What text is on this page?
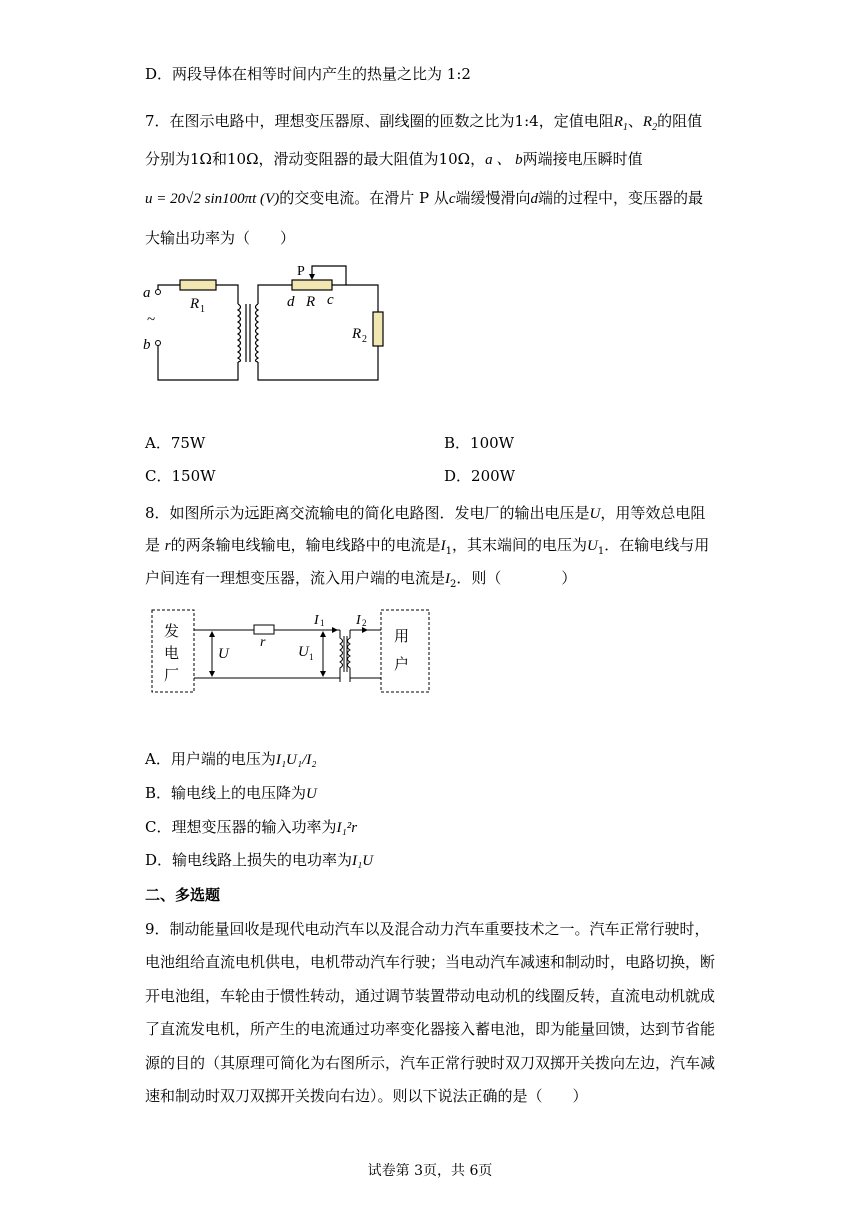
D．两段导体在相等时间内产生的热量之比为 1:2
7．在图示电路中，理想变压器原、副线圈的匝数之比为1:4，定值电阻$R_1$、$R_2$的阻值
分别为1Ω和10Ω，滑动变阻器的最大阻值为10Ω，a 、 b两端接电压瞬时值
u = 20√2 sin100πt (V)的交变电流。在滑片 P 从c端缓慢滑向d端的过程中，变压器的最
大输出功率为（　　）
a
~
b
R 1
P
d R c
R 2
A．75W	B．100W
C．150W	D．200W
8．如图所示为远距离交流输电的简化电路图．发电厂的输出电压是U，用等效总电阻
是 r的两条输电线输电，输电线路中的电流是$I_1$，其末端间的电压为$U_1$．在输电线与用
户间连有一理想变压器，流入用户端的电流是$I_2$．则（　　　　）
发
电
厂
用
户
U
r
I 1
U 1
I 2
A．用户端的电压为I₁U₁/I₂
B．输电线上的电压降为U
C．理想变压器的输入功率为I₁²r
D．输电线路上损失的电功率为I₁U
二、多选题
9．制动能量回收是现代电动汽车以及混合动力汽车重要技术之一。汽车正常行驶时，
电池组给直流电机供电，电机带动汽车行驶；当电动汽车减速和制动时，电路切换，断
开电池组，车轮由于惯性转动，通过调节装置带动电动机的线圈反转，直流电动机就成
了直流发电机，所产生的电流通过功率变化器接入蓄电池，即为能量回馈，达到节省能
源的目的（其原理可简化为右图所示，汽车正常行驶时双刀双掷开关拨向左边，汽车减
速和制动时双刀双掷开关拨向右边）。则以下说法正确的是（　　）
试卷第 3页，共 6页
